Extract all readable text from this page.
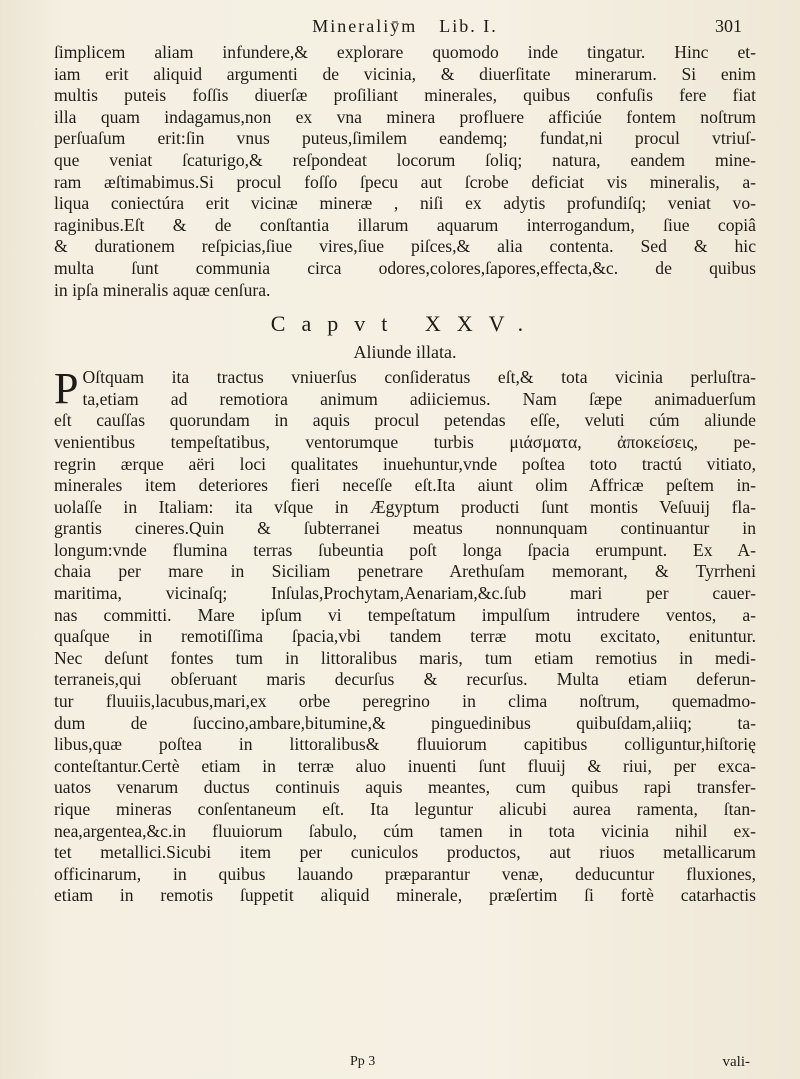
Mineraliȳm Lib. I.	301
ſimplicem aliam infundere,& explorare quomodo inde tingatur. Hinc et-
iam erit aliquid argumenti de vicinia, & diuerſitate minerarum. Si enim
multis puteis foſſis diuerſæ proſiliant minerales, quibus confuſis fere fiat
illa quam indagamus,non ex vna minera profluere afficiúe fontem noſtrum
perſuaſum erit:ſin vnus puteus,ſimilem eandemq; fundat,ni procul vtriuſ-
que veniat ſcaturigo,& reſpondeat locorum ſoliq; natura, eandem mine-
ram æſtimabimus.Si procul foſſo ſpecu aut ſcrobe deficiat vis mineralis, a-
liqua coniectúra erit vicinæ mineræ , niſi ex adytis profundiſq; veniat vo-
raginibus.Eſt & de conſtantia illarum aquarum interrogandum, ſiue copiâ
& durationem reſpicias,ſiue vires,ſiue piſces,& alia contenta. Sed & hic
multa ſunt communia circa odores,colores,ſapores,effecta,&c. de quibus
in ipſa mineralis aquæ cenſura.
Capvt XXV.
Aliunde illata.
P Oſtquam ita tractus vniuerſus conſideratus eſt,& tota vicinia perluſtra-
ta,etiam ad remotiora animum adiiciemus. Nam ſæpe animaduerſum
eſt cauſſas quorundam in aquis procul petendas eſſe, veluti cúm aliunde
venientibus tempeſtatibus, ventorumque turbis μιάσματα, ἀποκείσεις, pe-
regrin ærque aëri loci qualitates inuehuntur,vnde poſtea toto tractú vitiato,
minerales item deteriores fieri neceſſe eſt.Ita aiunt olim Affricæ peſtem in-
uolaſſe in Italiam: ita vſque in Ægyptum producti ſunt montis Veſuuij fla-
grantis cineres.Quin & ſubterranei meatus nonnunquam continuantur in
longum:vnde flumina terras ſubeuntia poſt longa ſpacia erumpunt. Ex A-
chaia per mare in Siciliam penetrare Arethuſam memorant, & Tyrrheni
maritima, vicinaſq; Inſulas,Prochytam,Aenariam,&c.ſub mari per cauer-
nas committi. Mare ipſum vi tempeſtatum impulſum intrudere ventos, a-
quaſque in remotiſſima ſpacia,vbi tandem terræ motu excitato, enituntur.
Nec deſunt fontes tum in littoralibus maris, tum etiam remotius in medi-
terraneis,qui obſeruant maris decurſus & recurſus. Multa etiam deferun-
tur fluuiis,lacubus,mari,ex orbe peregrino in clima noſtrum, quemadmo-
dum de ſuccino,ambare,bitumine,& pinguedinibus quibuſdam,aliiq; ta-
libus,quæ poſtea in littoralibus& fluuiorum capitibus colliguntur,hiſtorię
conteſtantur.Certè etiam in terræ aluo inuenti ſunt fluuij & riui, per exca-
uatos venarum ductus continuis aquis meantes, cum quibus rapi transfer-
rique mineras conſentaneum eſt. Ita leguntur alicubi aurea ramenta, ſtan-
nea,argentea,&c.in fluuiorum ſabulo, cúm tamen in tota vicinia nihil ex-
tet metallici.Sicubi item per cuniculos productos, aut riuos metallicarum
officinarum, in quibus lauando præparantur venæ, deducuntur fluxiones,
etiam in remotis ſuppetit aliquid minerale, præſertim ſi fortè catarhactis
Pp 3	vali-
